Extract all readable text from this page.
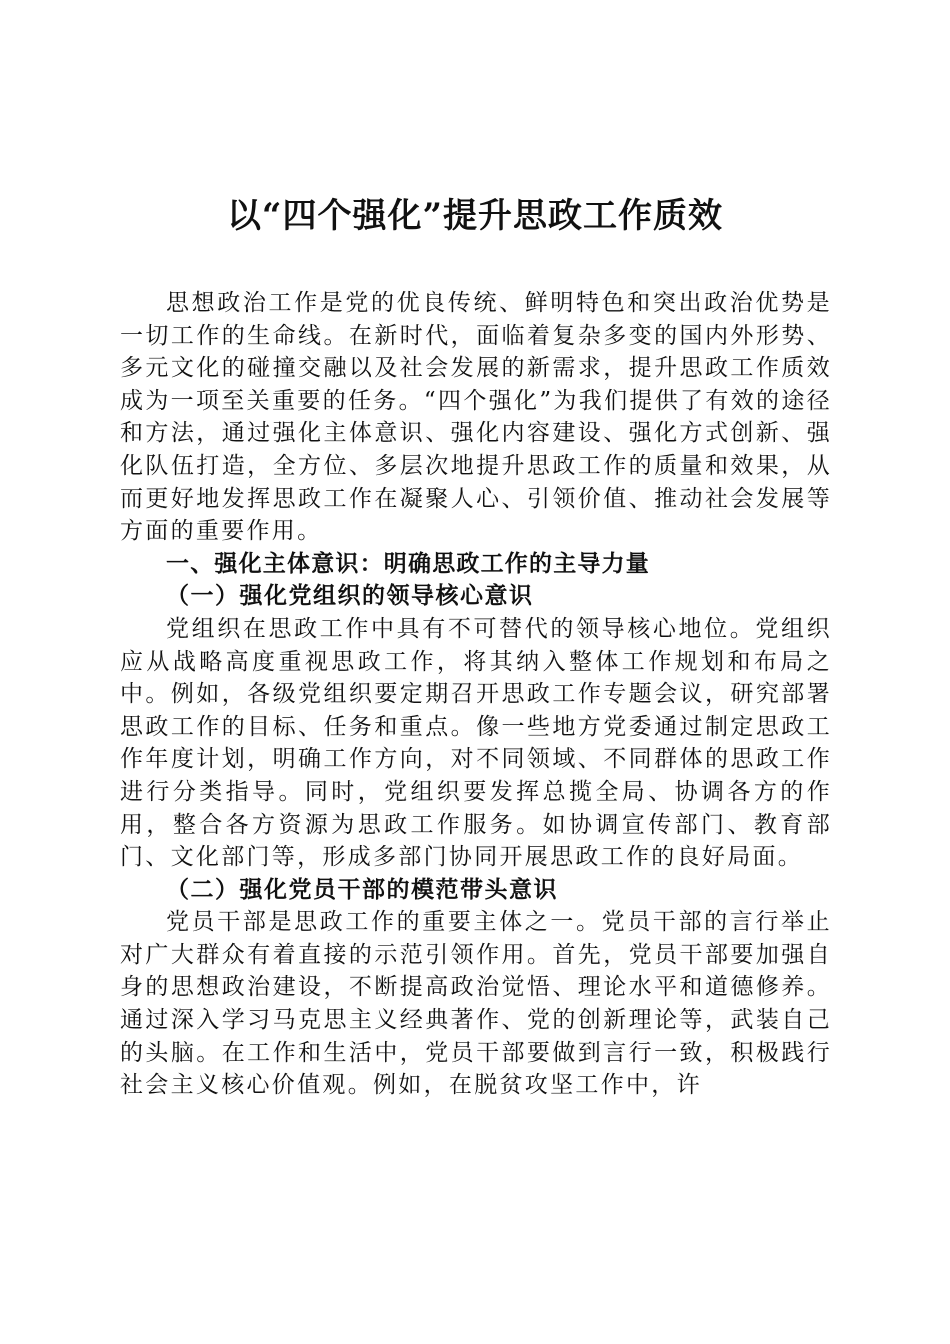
以“四个强化”提升思政工作质效

思想政治工作是党的优良传统、鲜明特色和突出政治优势是一切工作的生命线。在新时代，面临着复杂多变的国内外形势、多元文化的碰撞交融以及社会发展的新需求，提升思政工作质效成为一项至关重要的任务。“四个强化”为我们提供了有效的途径和方法，通过强化主体意识、强化内容建设、强化方式创新、强化队伍打造，全方位、多层次地提升思政工作的质量和效果，从而更好地发挥思政工作在凝聚人心、引领价值、推动社会发展等方面的重要作用。

一、强化主体意识：明确思政工作的主导力量

（一）强化党组织的领导核心意识

党组织在思政工作中具有不可替代的领导核心地位。党组织应从战略高度重视思政工作，将其纳入整体工作规划和布局之中。例如，各级党组织要定期召开思政工作专题会议，研究部署思政工作的目标、任务和重点。像一些地方党委通过制定思政工作年度计划，明确工作方向，对不同领域、不同群体的思政工作进行分类指导。同时，党组织要发挥总揽全局、协调各方的作用，整合各方资源为思政工作服务。如协调宣传部门、教育部门、文化部门等，形成多部门协同开展思政工作的良好局面。

（二）强化党员干部的模范带头意识

党员干部是思政工作的重要主体之一。党员干部的言行举止对广大群众有着直接的示范引领作用。首先，党员干部要加强自身的思想政治建设，不断提高政治觉悟、理论水平和道德修养。通过深入学习马克思主义经典著作、党的创新理论等，武装自己的头脑。在工作和生活中，党员干部要做到言行一致，积极践行社会主义核心价值观。例如，在脱贫攻坚工作中，许
